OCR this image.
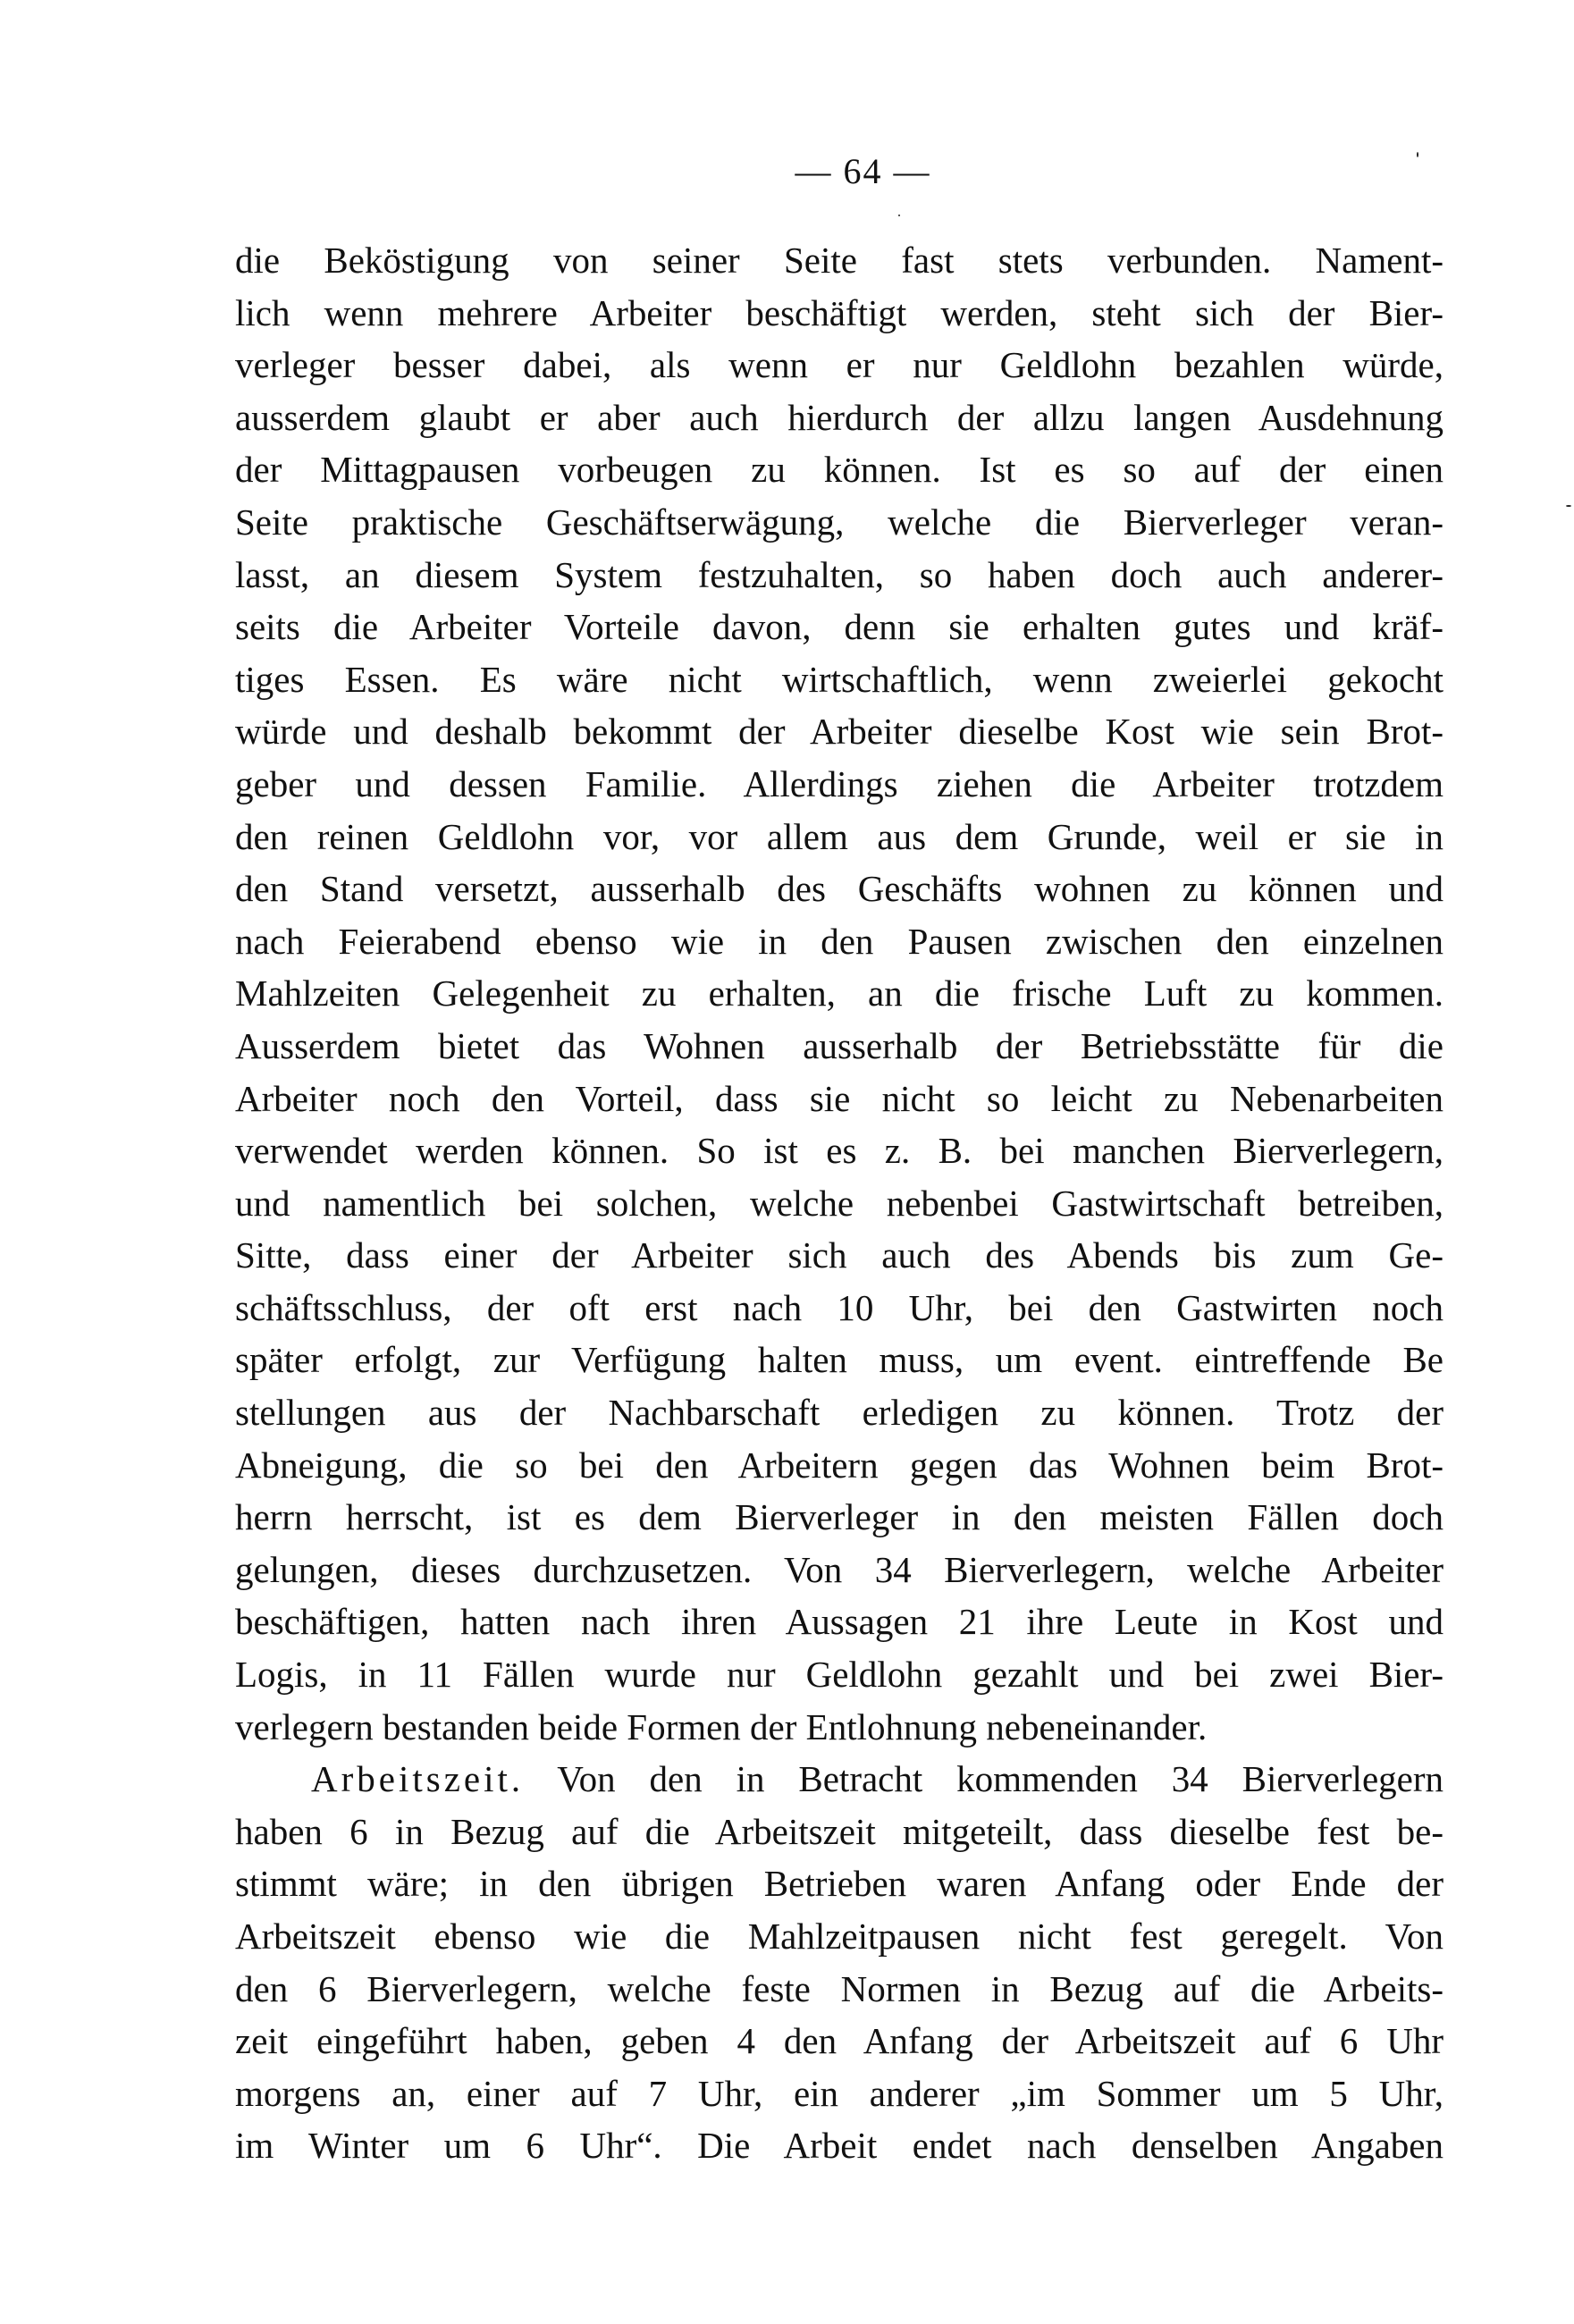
— 64 —
die Beköstigung von seiner Seite fast stets verbunden. Nament-
lich wenn mehrere Arbeiter beschäftigt werden, steht sich der Bier-
verleger besser dabei, als wenn er nur Geldlohn bezahlen würde,
ausserdem glaubt er aber auch hierdurch der allzu langen Ausdehnung
der Mittagpausen vorbeugen zu können. Ist es so auf der einen
Seite praktische Geschäftserwägung, welche die Bierverleger veran-
lasst, an diesem System festzuhalten, so haben doch auch anderer-
seits die Arbeiter Vorteile davon, denn sie erhalten gutes und kräf-
tiges Essen. Es wäre nicht wirtschaftlich, wenn zweierlei gekocht
würde und deshalb bekommt der Arbeiter dieselbe Kost wie sein Brot-
geber und dessen Familie. Allerdings ziehen die Arbeiter trotzdem
den reinen Geldlohn vor, vor allem aus dem Grunde, weil er sie in
den Stand versetzt, ausserhalb des Geschäfts wohnen zu können und
nach Feierabend ebenso wie in den Pausen zwischen den einzelnen
Mahlzeiten Gelegenheit zu erhalten, an die frische Luft zu kommen.
Ausserdem bietet das Wohnen ausserhalb der Betriebsstätte für die
Arbeiter noch den Vorteil, dass sie nicht so leicht zu Nebenarbeiten
verwendet werden können. So ist es z. B. bei manchen Bierverlegern,
und namentlich bei solchen, welche nebenbei Gastwirtschaft betreiben,
Sitte, dass einer der Arbeiter sich auch des Abends bis zum Ge-
schäftsschluss, der oft erst nach 10 Uhr, bei den Gastwirten noch
später erfolgt, zur Verfügung halten muss, um event. eintreffende Be
stellungen aus der Nachbarschaft erledigen zu können. Trotz der
Abneigung, die so bei den Arbeitern gegen das Wohnen beim Brot-
herrn herrscht, ist es dem Bierverleger in den meisten Fällen doch
gelungen, dieses durchzusetzen. Von 34 Bierverlegern, welche Arbeiter
beschäftigen, hatten nach ihren Aussagen 21 ihre Leute in Kost und
Logis, in 11 Fällen wurde nur Geldlohn gezahlt und bei zwei Bier-
verlegern bestanden beide Formen der Entlohnung nebeneinander.
Arbeitszeit. Von den in Betracht kommenden 34 Bierverlegern
haben 6 in Bezug auf die Arbeitszeit mitgeteilt, dass dieselbe fest be-
stimmt wäre; in den übrigen Betrieben waren Anfang oder Ende der
Arbeitszeit ebenso wie die Mahlzeitpausen nicht fest geregelt. Von
den 6 Bierverlegern, welche feste Normen in Bezug auf die Arbeits-
zeit eingeführt haben, geben 4 den Anfang der Arbeitszeit auf 6 Uhr
morgens an, einer auf 7 Uhr, ein anderer „im Sommer um 5 Uhr,
im Winter um 6 Uhr“. Die Arbeit endet nach denselben Angaben
